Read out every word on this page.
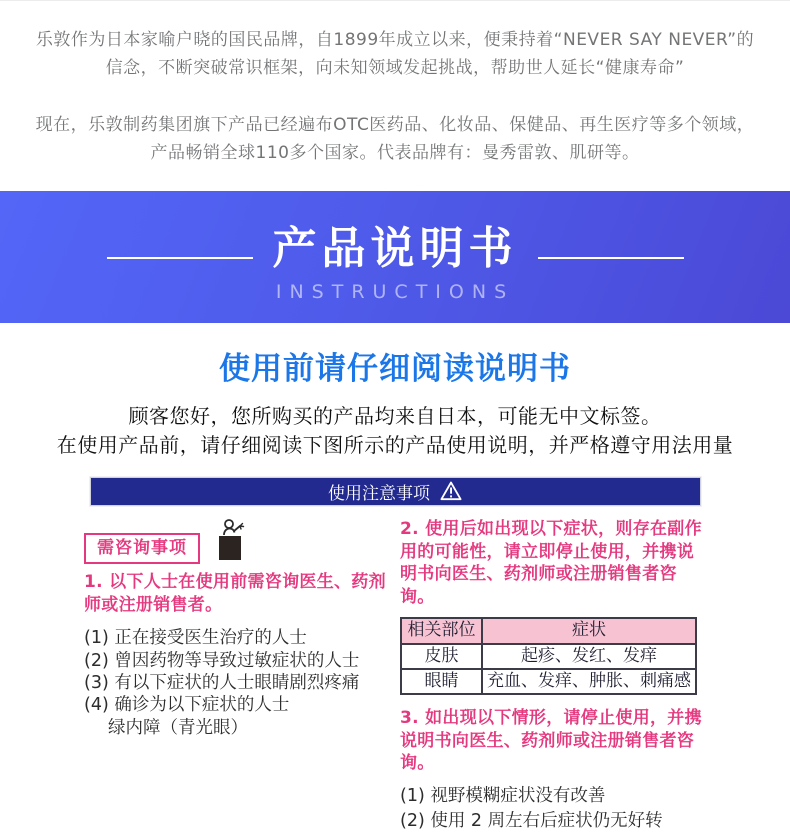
乐敦作为日本家喻户晓的国民品牌，自1899年成立以来，便秉持着“NEVER SAY NEVER”的信念，不断突破常识框架，向未知领域发起挑战，帮助世人延长“健康寿命”

现在，乐敦制药集团旗下产品已经遍布OTC医药品、化妆品、保健品、再生医疗等多个领域，产品畅销全球110多个国家。代表品牌有：曼秀雷敦、肌研等。

产品说明书
INSTRUCTIONS
使用前请仔细阅读说明书
顾客您好，您所购买的产品均来自日本，可能无中文标签。
在使用产品前，请仔细阅读下图所示的产品使用说明，并严格遵守用法用量
使用注意事项
需咨询事项
1. 以下人士在使用前需咨询医生、药剂师或注册销售者。
(1) 正在接受医生治疗的人士
(2) 曾因药物等导致过敏症状的人士
(3) 有以下症状的人士眼睛剧烈疼痛
(4) 确诊为以下症状的人士
绿内障（青光眼）
2. 使用后如出现以下症状，则存在副作用的可能性，请立即停止使用，并携说明书向医生、药剂师或注册销售者咨询。
相关部位	症状
皮肤	起疹、发红、发痒
眼睛	充血、发痒、肿胀、刺痛感
3. 如出现以下情形，请停止使用，并携说明书向医生、药剂师或注册销售者咨询。
(1) 视野模糊症状没有改善
(2) 使用 2 周左右后症状仍无好转
